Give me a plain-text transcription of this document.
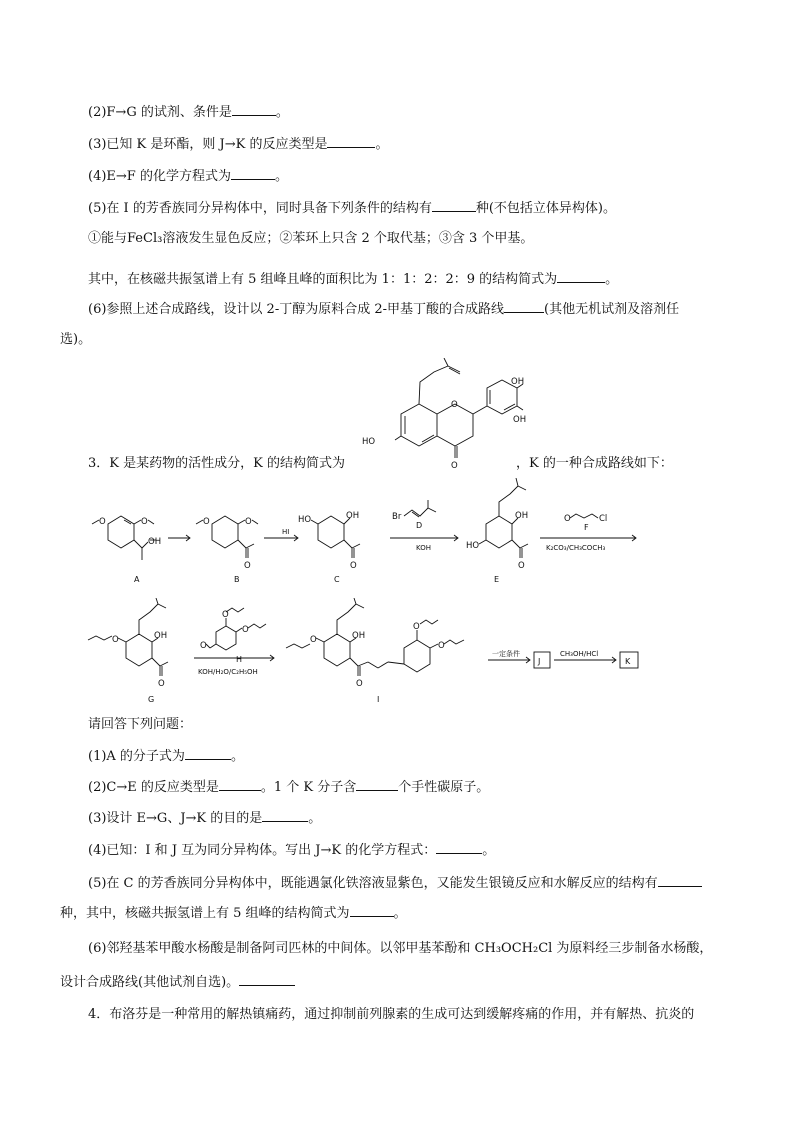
(2)F→G 的试剂、条件是	。
(3)已知 K 是环酯，则 J→K 的反应类型是	。
(4)E→F 的化学方程式为	。
(5)在 I 的芳香族同分异构体中，同时具备下列条件的结构有	种(不包括立体异构体)。
①能与FeCl₃溶液发生显色反应；②苯环上只含 2 个取代基；③含 3 个甲基。
其中，在核磁共振氢谱上有 5 组峰且峰的面积比为 1：1：2：2：9 的结构简式为	。
(6)参照上述合成路线，设计以 2-丁醇为原料合成 2-甲基丁酸的合成路线	(其他无机试剂及溶剂任
选)。
3．K 是某药物的活性成分，K 的结构简式为	，K 的一种合成路线如下：
O
O
OH
OH
HO
O	O
OH
A
O	O
O
B
HI
HO	OH
O
C
Br
D
KOH	HO
OH
O
E
O	Cl
F
K₂CO₃/CH₃COCH₃
O	OH
O
G
O
O
O
H
KOH/H₂O/C₂H₅OH
O	OH
O
O
O
I
一定条件
J
CH₃OH/HCl
K
请回答下列问题：
(1)A 的分子式为	。
(2)C→E 的反应类型是	。1 个 K 分子含	个手性碳原子。
(3)设计 E→G、J→K 的目的是	。
(4)已知：I 和 J 互为同分异构体。写出 J→K 的化学方程式：	。
(5)在 C 的芳香族同分异构体中，既能遇氯化铁溶液显紫色，又能发生银镜反应和水解反应的结构有
种，其中，核磁共振氢谱上有 5 组峰的结构简式为	。
(6)邻羟基苯甲酸水杨酸是制备阿司匹林的中间体。以邻甲基苯酚和 CH₃OCH₂Cl 为原料经三步制备水杨酸，
设计合成路线(其他试剂自选)。
4．布洛芬是一种常用的解热镇痛药，通过抑制前列腺素的生成可达到缓解疼痛的作用，并有解热、抗炎的
